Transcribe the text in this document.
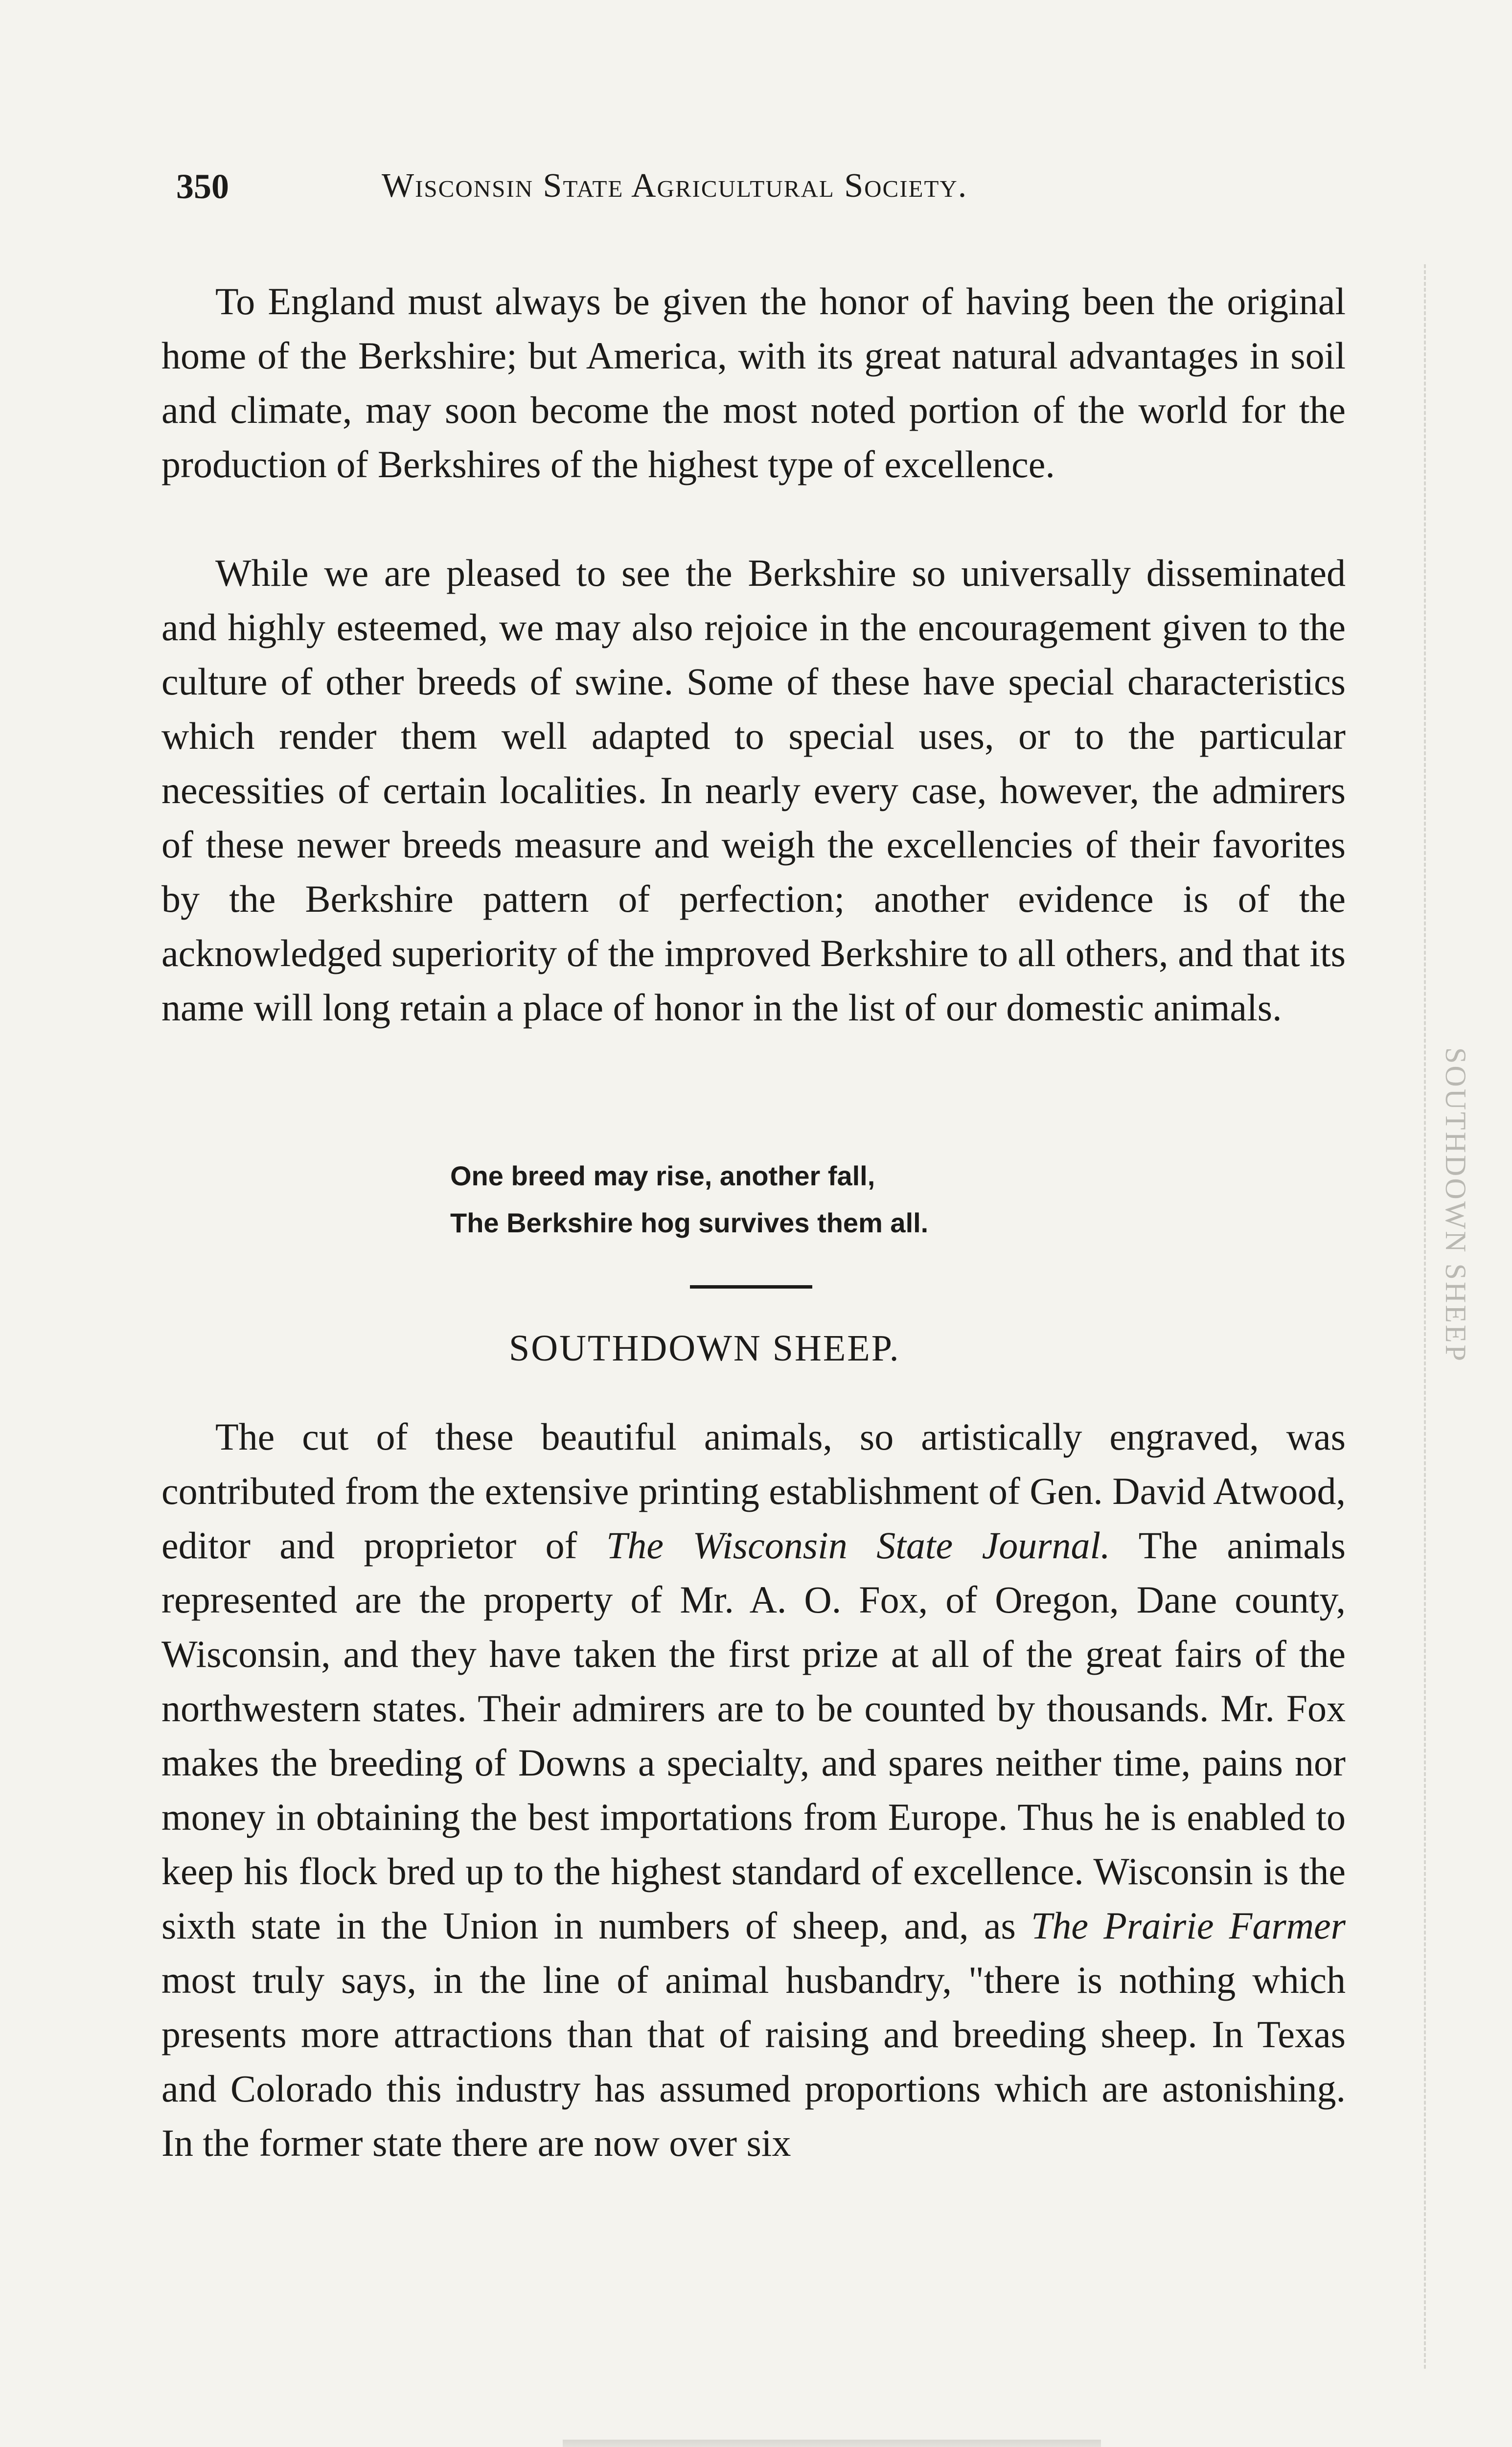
350	Wisconsin State Agricultural Society.

To England must always be given the honor of having been the original home of the Berkshire; but America, with its great natural advantages in soil and climate, may soon become the most noted portion of the world for the production of Berkshires of the highest type of excellence.

While we are pleased to see the Berkshire so universally disseminated and highly esteemed, we may also rejoice in the encouragement given to the culture of other breeds of swine. Some of these have special characteristics which render them well adapted to special uses, or to the particular necessities of certain localities. In nearly every case, however, the admirers of these newer breeds measure and weigh the excellencies of their favorites by the Berkshire pattern of perfection; another evidence is of the acknowledged superiority of the improved Berkshire to all others, and that its name will long retain a place of honor in the list of our domestic animals.

One breed may rise, another fall,
The Berkshire hog survives them all.
SOUTHDOWN SHEEP.

The cut of these beautiful animals, so artistically engraved, was contributed from the extensive printing establishment of Gen. David Atwood, editor and proprietor of The Wisconsin State Journal. The animals represented are the property of Mr. A. O. Fox, of Oregon, Dane county, Wisconsin, and they have taken the first prize at all of the great fairs of the northwestern states. Their admirers are to be counted by thousands. Mr. Fox makes the breeding of Downs a specialty, and spares neither time, pains nor money in obtaining the best importations from Europe. Thus he is enabled to keep his flock bred up to the highest standard of excellence. Wisconsin is the sixth state in the Union in numbers of sheep, and, as The Prairie Farmer most truly says, in the line of animal husbandry, "there is nothing which presents more attractions than that of raising and breeding sheep. In Texas and Colorado this industry has assumed proportions which are astonishing. In the former state there are now over six

SOUTHDOWN SHEEP
